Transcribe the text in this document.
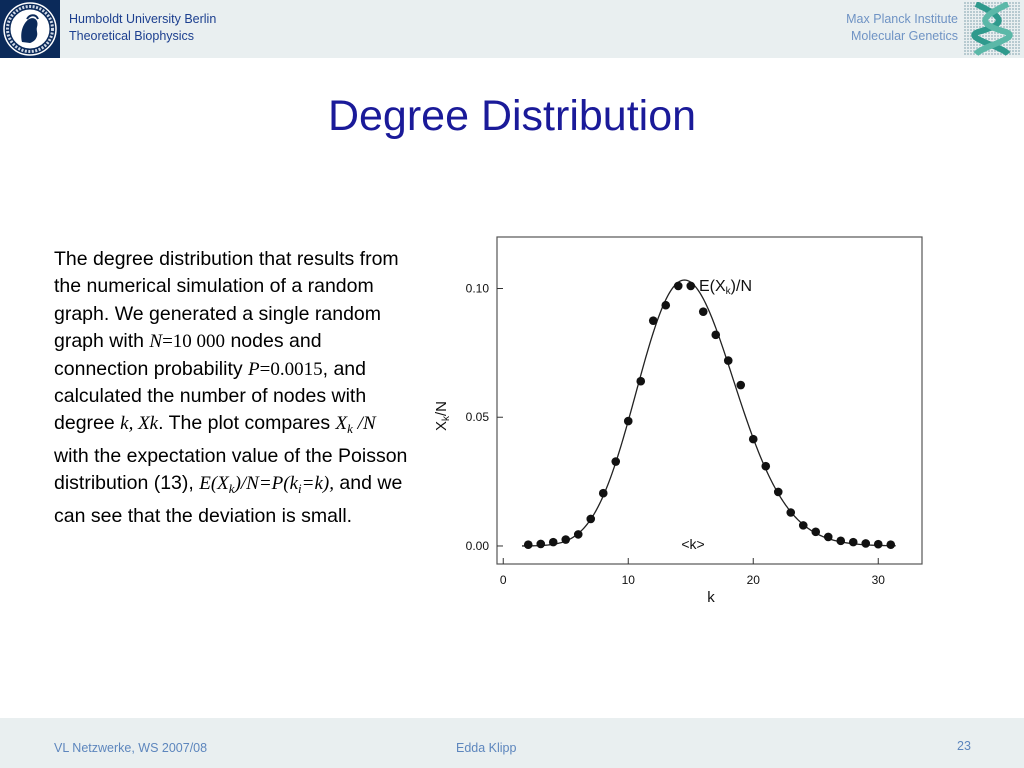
Humboldt University Berlin
Theoretical Biophysics
Max Planck Institute
Molecular Genetics
Degree Distribution
The degree distribution that results from the numerical simulation of a random graph. We generated a single random graph with N=10 000 nodes and connection probability P=0.0015, and calculated the number of nodes with degree k, Xk. The plot compares $X_k$ /N with the expectation value of the Poisson distribution (13), $E(X_k)/N=P(k_i=k)$, and we can see that the deviation is small.
0	10	20	30
0.00
0.05
0.10
$X_k/N$
k
E(Xk)/N
<k>
VL Netzwerke, WS 2007/08	Edda Klipp	23
